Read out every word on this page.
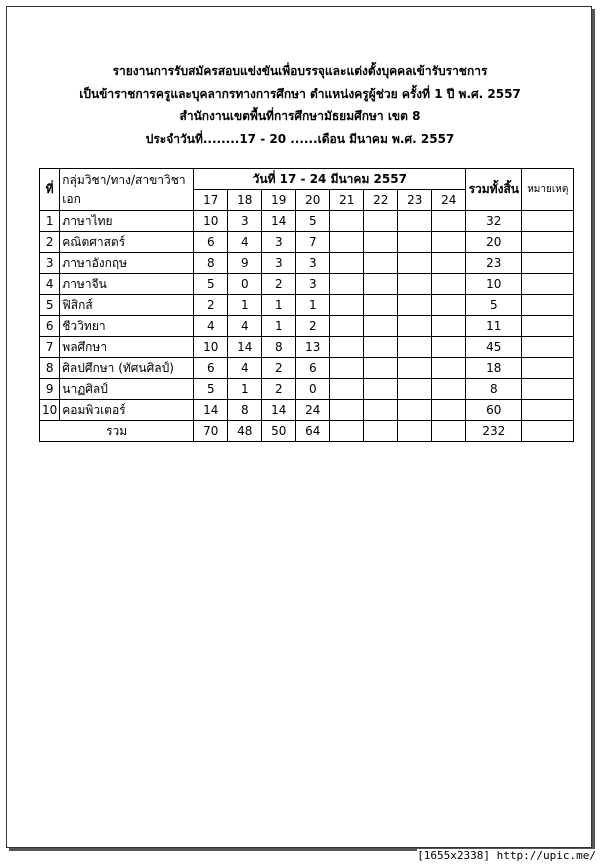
รายงานการรับสมัครสอบแข่งขันเพื่อบรรจุและแต่งตั้งบุคคลเข้ารับราชการ
เป็นข้าราชการครูและบุคลากรทางการศึกษา ตำแหน่งครูผู้ช่วย ครั้งที่ 1 ปี พ.ศ. 2557
สำนักงานเขตพื้นที่การศึกษามัธยมศึกษา เขต 8
ประจำวันที่........17 - 20 ......เดือน มีนาคม พ.ศ. 2557
ที่	กลุ่มวิชา/ทาง/สาขาวิชาเอก	วันที่ 17 - 24 มีนาคม 2557								รวมทั้งสิ้น	หมายเหตุ
		17	18	19	20	21	22	23	24		
1	ภาษาไทย	10	3	14	5					32	
2	คณิตศาสตร์	6	4	3	7					20	
3	ภาษาอังกฤษ	8	9	3	3					23	
4	ภาษาจีน	5	0	2	3					10	
5	ฟิสิกส์	2	1	1	1					5	
6	ชีววิทยา	4	4	1	2					11	
7	พลศึกษา	10	14	8	13					45	
8	ศิลปศึกษา (ทัศนศิลป์)	6	4	2	6					18	
9	นาฏศิลป์	5	1	2	0					8	
10	คอมพิวเตอร์	14	8	14	24					60	
รวม		70	48	50	64					232	
[1655x2338] http://upic.me/
